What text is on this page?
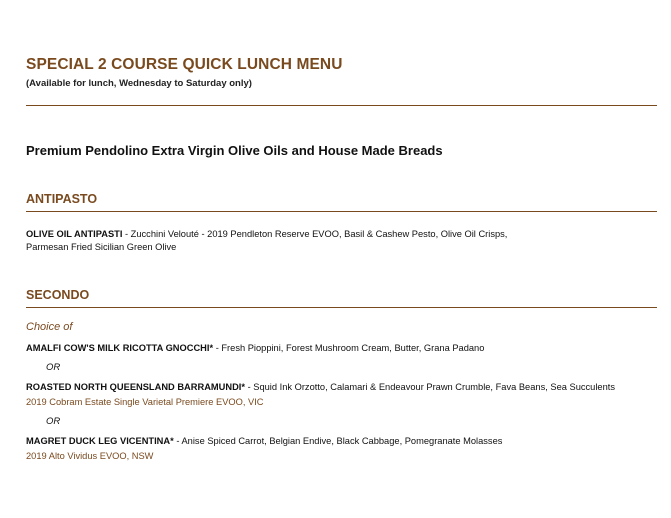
SPECIAL 2 COURSE QUICK LUNCH MENU
(Available for lunch, Wednesday to Saturday only)
Premium Pendolino Extra Virgin Olive Oils and House Made Breads
ANTIPASTO
OLIVE OIL ANTIPASTI - Zucchini Velouté - 2019 Pendleton Reserve EVOO, Basil & Cashew Pesto, Olive Oil Crisps,
Parmesan Fried Sicilian Green Olive
SECONDO
Choice of
AMALFI COW'S MILK RICOTTA GNOCCHI* - Fresh Pioppini, Forest Mushroom Cream, Butter, Grana Padano
OR
ROASTED NORTH QUEENSLAND BARRAMUNDI* - Squid Ink Orzotto, Calamari & Endeavour Prawn Crumble, Fava Beans, Sea Succulents
2019 Cobram Estate Single Varietal Premiere EVOO, VIC
OR
MAGRET DUCK LEG VICENTINA* - Anise Spiced Carrot, Belgian Endive, Black Cabbage, Pomegranate Molasses
2019 Alto Vividus EVOO, NSW
